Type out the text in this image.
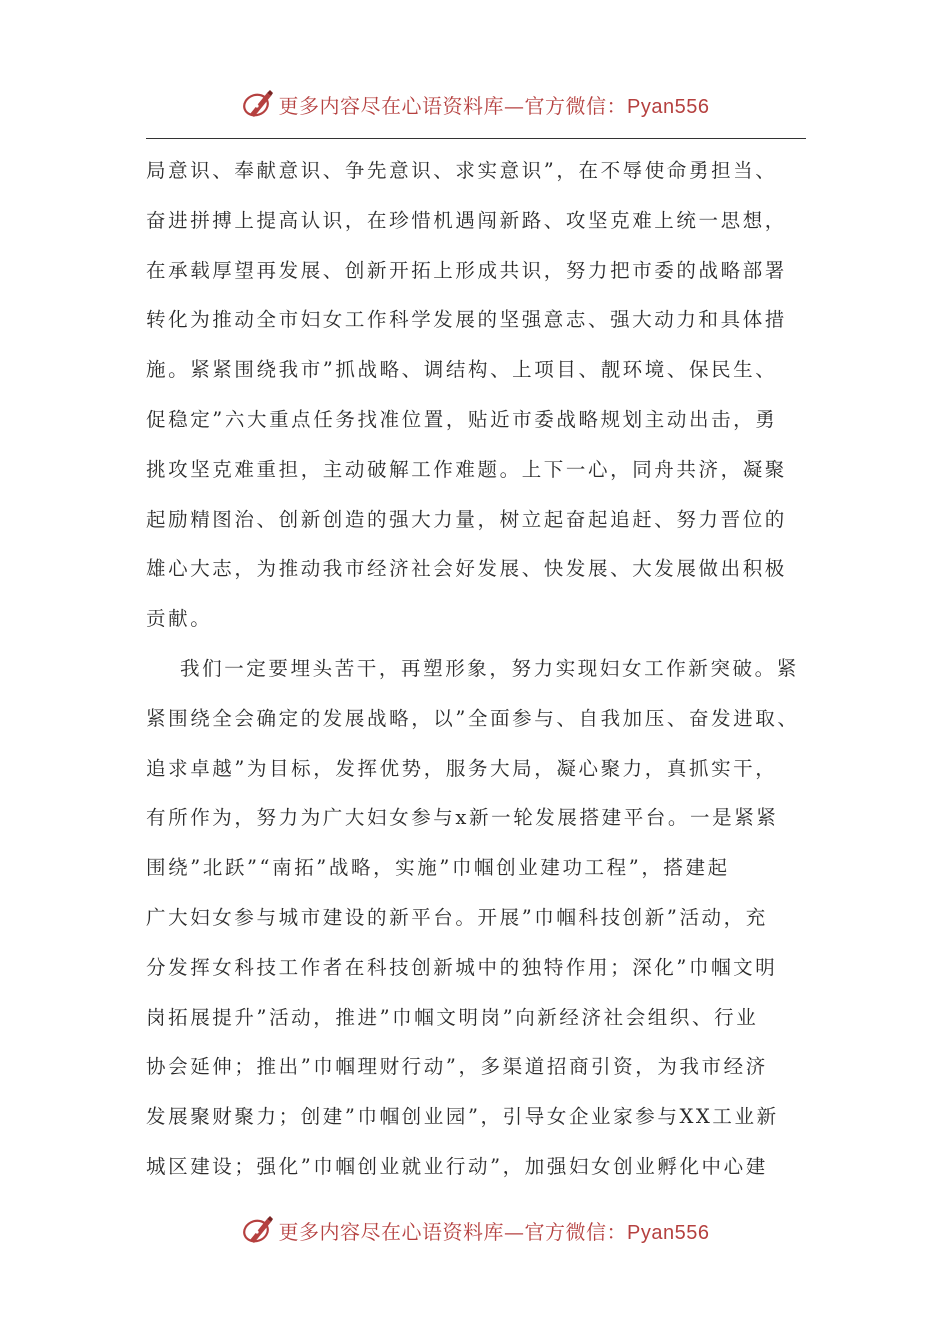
更多内容尽在心语资料库—官方微信：Pyan556
局意识、奉献意识、争先意识、求实意识”，在不辱使命勇担当、
奋进拼搏上提高认识，在珍惜机遇闯新路、攻坚克难上统一思想，
在承载厚望再发展、创新开拓上形成共识，努力把市委的战略部署
转化为推动全市妇女工作科学发展的坚强意志、强大动力和具体措
施。紧紧围绕我市”抓战略、调结构、上项目、靓环境、保民生、
促稳定”六大重点任务找准位置，贴近市委战略规划主动出击，勇
挑攻坚克难重担，主动破解工作难题。上下一心，同舟共济，凝聚
起励精图治、创新创造的强大力量，树立起奋起追赶、努力晋位的
雄心大志，为推动我市经济社会好发展、快发展、大发展做出积极
贡献。
我们一定要埋头苦干，再塑形象，努力实现妇女工作新突破。紧
紧围绕全会确定的发展战略，以”全面参与、自我加压、奋发进取、
追求卓越”为目标，发挥优势，服务大局，凝心聚力，真抓实干，
有所作为，努力为广大妇女参与x新一轮发展搭建平台。一是紧紧
围绕”北跃”“南拓”战略，实施”巾帼创业建功工程”，搭建起
广大妇女参与城市建设的新平台。开展”巾帼科技创新”活动，充
分发挥女科技工作者在科技创新城中的独特作用；深化”巾帼文明
岗拓展提升”活动，推进”巾帼文明岗”向新经济社会组织、行业
协会延伸；推出”巾帼理财行动”，多渠道招商引资，为我市经济
发展聚财聚力；创建”巾帼创业园”，引导女企业家参与XX工业新
城区建设；强化”巾帼创业就业行动”，加强妇女创业孵化中心建
更多内容尽在心语资料库—官方微信：Pyan556
